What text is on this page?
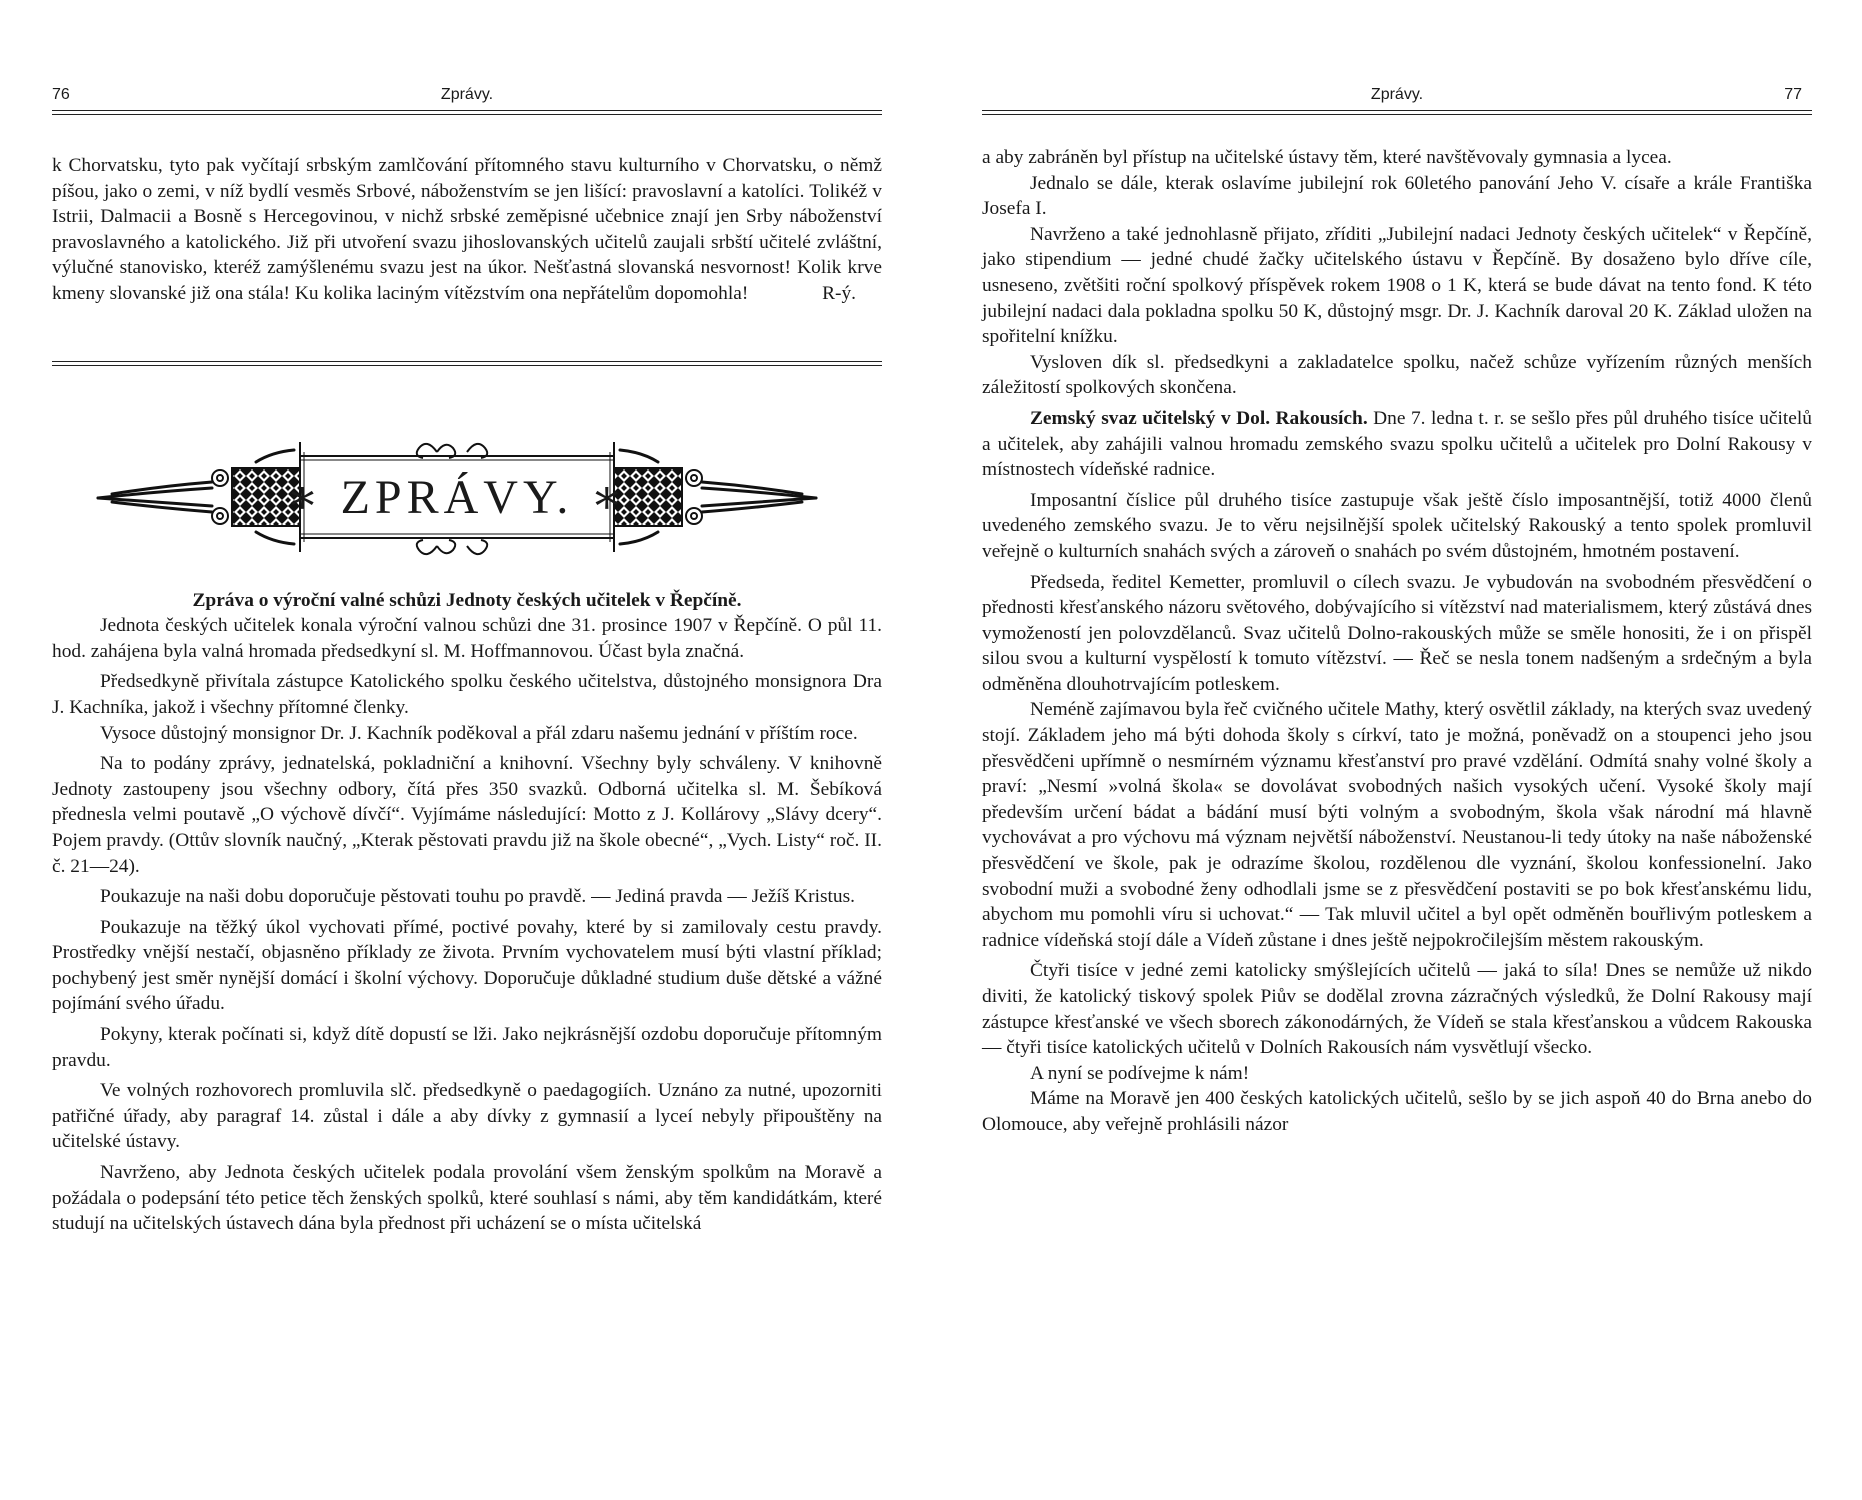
76	Zprávy.

k Chorvatsku, tyto pak vyčítají srbským zamlčování přítomného stavu kulturního v Chorvatsku, o němž píšou, jako o zemi, v níž bydlí vesměs Srbové, náboženstvím se jen lišící: pravoslavní a katolíci. Tolikéž v Istrii, Dalmacii a Bosně s Hercegovinou, v nichž srbské zeměpisné učebnice znají jen Srby náboženství pravoslavného a katolického. Již při utvoření svazu jihoslovanských učitelů zaujali srbští učitelé zvláštní, výlučné stanovisko, kteréž zamýšlenému svazu jest na úkor. Nešťastná slovanská nesvornost! Kolik krve kmeny slovanské již ona stála! Ku kolika laciným vítězstvím ona nepřátelům dopomohla!	R-ý.

∗ ZPRÁVY. ∗
Zpráva o výroční valné schůzi Jednoty českých učitelek v Řepčíně.

Jednota českých učitelek konala výroční valnou schůzi dne 31. prosince 1907 v Řepčíně. O půl 11. hod. zahájena byla valná hromada předsedkyní sl. M. Hoffmannovou. Účast byla značná.

Předsedkyně přivítala zástupce Katolického spolku českého učitelstva, důstojného monsignora Dra J. Kachníka, jakož i všechny přítomné členky.

Vysoce důstojný monsignor Dr. J. Kachník poděkoval a přál zdaru našemu jednání v příštím roce.

Na to podány zprávy, jednatelská, pokladniční a knihovní. Všechny byly schváleny. V knihovně Jednoty zastoupeny jsou všechny odbory, čítá přes 350 svazků. Odborná učitelka sl. M. Šebíková přednesla velmi poutavě „O výchově dívčí“. Vyjímáme následující: Motto z J. Kollárovy „Slávy dcery“. Pojem pravdy. (Ottův slovník naučný, „Kterak pěstovati pravdu již na škole obecné“, „Vych. Listy“ roč. II. č. 21—24).

Poukazuje na naši dobu doporučuje pěstovati touhu po pravdě. — Jediná pravda — Ježíš Kristus.

Poukazuje na těžký úkol vychovati přímé, poctivé povahy, které by si zamilovaly cestu pravdy. Prostředky vnější nestačí, objasněno příklady ze života. Prvním vychovatelem musí býti vlastní příklad; pochybený jest směr nynější domácí i školní výchovy. Doporučuje důkladné studium duše dětské a vážné pojímání svého úřadu.

Pokyny, kterak počínati si, když dítě dopustí se lži. Jako nejkrásnější ozdobu doporučuje přítomným pravdu.

Ve volných rozhovorech promluvila slč. předsedkyně o paedagogiích. Uznáno za nutné, upozorniti patřičné úřady, aby paragraf 14. zůstal i dále a aby dívky z gymnasií a lyceí nebyly připouštěny na učitelské ústavy.

Navrženo, aby Jednota českých učitelek podala provolání všem ženským spolkům na Moravě a požádala o podepsání této petice těch ženských spolků, které souhlasí s námi, aby těm kandidátkám, které studují na učitelských ústavech dána byla přednost při ucházení se o místa učitelská

Zprávy.	77

a aby zabráněn byl přístup na učitelské ústavy těm, které navštěvovaly gymnasia a lycea.

Jednalo se dále, kterak oslavíme jubilejní rok 60letého panování Jeho V. císaře a krále Františka Josefa I.

Navrženo a také jednohlasně přijato, zříditi „Jubilejní nadaci Jednoty českých učitelek“ v Řepčíně, jako stipendium — jedné chudé žačky učitelského ústavu v Řepčíně. By dosaženo bylo dříve cíle, usneseno, zvětšiti roční spolkový příspěvek rokem 1908 o 1 K, která se bude dávat na tento fond. K této jubilejní nadaci dala pokladna spolku 50 K, důstojný msgr. Dr. J. Kachník daroval 20 K. Základ uložen na spořitelní knížku.

Vysloven dík sl. předsedkyni a zakladatelce spolku, načež schůze vyřízením různých menších záležitostí spolkových skončena.

Zemský svaz učitelský v Dol. Rakousích. Dne 7. ledna t. r. se sešlo přes půl druhého tisíce učitelů a učitelek, aby zahájili valnou hromadu zemského svazu spolku učitelů a učitelek pro Dolní Rakousy v místnostech vídeňské radnice.

Imposantní číslice půl druhého tisíce zastupuje však ještě číslo imposantnější, totiž 4000 členů uvedeného zemského svazu. Je to věru nejsilnější spolek učitelský Rakouský a tento spolek promluvil veřejně o kulturních snahách svých a zároveň o snahách po svém důstojném, hmotném postavení.

Předseda, ředitel Kemetter, promluvil o cílech svazu. Je vybudován na svobodném přesvědčení o přednosti křesťanského názoru světového, dobývajícího si vítězství nad materialismem, který zůstává dnes vymožeností jen polovzdělanců. Svaz učitelů Dolno-rakouských může se směle honositi, že i on přispěl silou svou a kulturní vyspělostí k tomuto vítězství. — Řeč se nesla tonem nadšeným a srdečným a byla odměněna dlouhotrvajícím potleskem.

Neméně zajímavou byla řeč cvičného učitele Mathy, který osvětlil základy, na kterých svaz uvedený stojí. Základem jeho má býti dohoda školy s církví, tato je možná, poněvadž on a stoupenci jeho jsou přesvědčeni upřímně o nesmírném významu křesťanství pro pravé vzdělání. Odmítá snahy volné školy a praví: „Nesmí »volná škola« se dovolávat svobodných našich vysokých učení. Vysoké školy mají především určení bádat a bádání musí býti volným a svobodným, škola však národní má hlavně vychovávat a pro výchovu má význam největší náboženství. Neustanou-li tedy útoky na naše náboženské přesvědčení ve škole, pak je odrazíme školou, rozdělenou dle vyznání, školou konfessionelní. Jako svobodní muži a svobodné ženy odhodlali jsme se z přesvědčení postaviti se po bok křesťanskému lidu, abychom mu pomohli víru si uchovat.“ — Tak mluvil učitel a byl opět odměněn bouřlivým potleskem a radnice vídeňská stojí dále a Vídeň zůstane i dnes ještě nejpokročilejším městem rakouským.

Čtyři tisíce v jedné zemi katolicky smýšlejících učitelů — jaká to síla! Dnes se nemůže už nikdo diviti, že katolický tiskový spolek Piův se dodělal zrovna zázračných výsledků, že Dolní Rakousy mají zástupce křesťanské ve všech sborech zákonodárných, že Vídeň se stala křesťanskou a vůdcem Rakouska — čtyři tisíce katolických učitelů v Dolních Rakousích nám vysvětlují všecko.

A nyní se podívejme k nám!

Máme na Moravě jen 400 českých katolických učitelů, sešlo by se jich aspoň 40 do Brna anebo do Olomouce, aby veřejně prohlásili názor
